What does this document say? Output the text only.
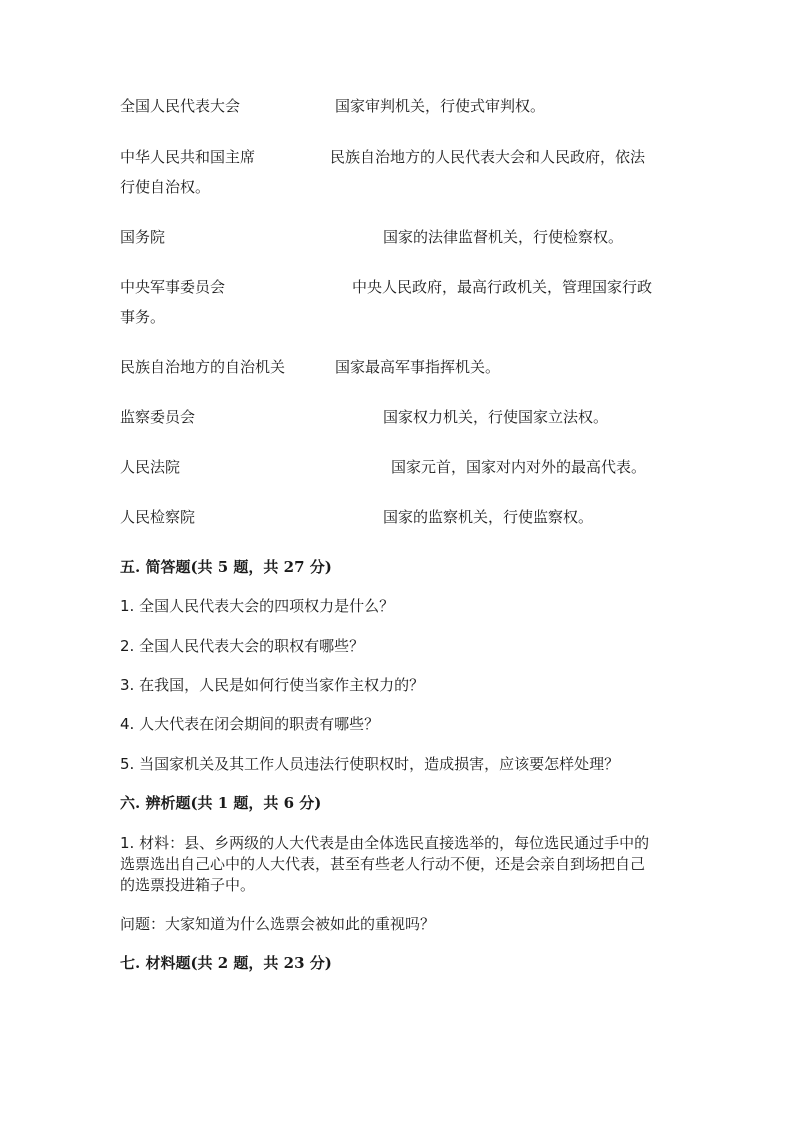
全国人民代表大会	国家审判机关，行使式审判权。
中华人民共和国主席	民族自治地方的人民代表大会和人民政府，依法
行使自治权。
国务院	国家的法律监督机关，行使检察权。
中央军事委员会	中央人民政府，最高行政机关，管理国家行政
事务。
民族自治地方的自治机关	国家最高军事指挥机关。
监察委员会	国家权力机关，行使国家立法权。
人民法院	国家元首，国家对内对外的最高代表。
人民检察院	国家的监察机关，行使监察权。
五. 简答题(共 5 题，共 27 分)
1. 全国人民代表大会的四项权力是什么？
2. 全国人民代表大会的职权有哪些？
3. 在我国，人民是如何行使当家作主权力的？
4. 人大代表在闭会期间的职责有哪些？
5. 当国家机关及其工作人员违法行使职权时，造成损害，应该要怎样处理？
六. 辨析题(共 1 题，共 6 分)
1. 材料：县、乡两级的人大代表是由全体选民直接选举的，每位选民通过手中的
选票选出自己心中的人大代表，甚至有些老人行动不便，还是会亲自到场把自己
的选票投进箱子中。
问题：大家知道为什么选票会被如此的重视吗？
七. 材料题(共 2 题，共 23 分)
